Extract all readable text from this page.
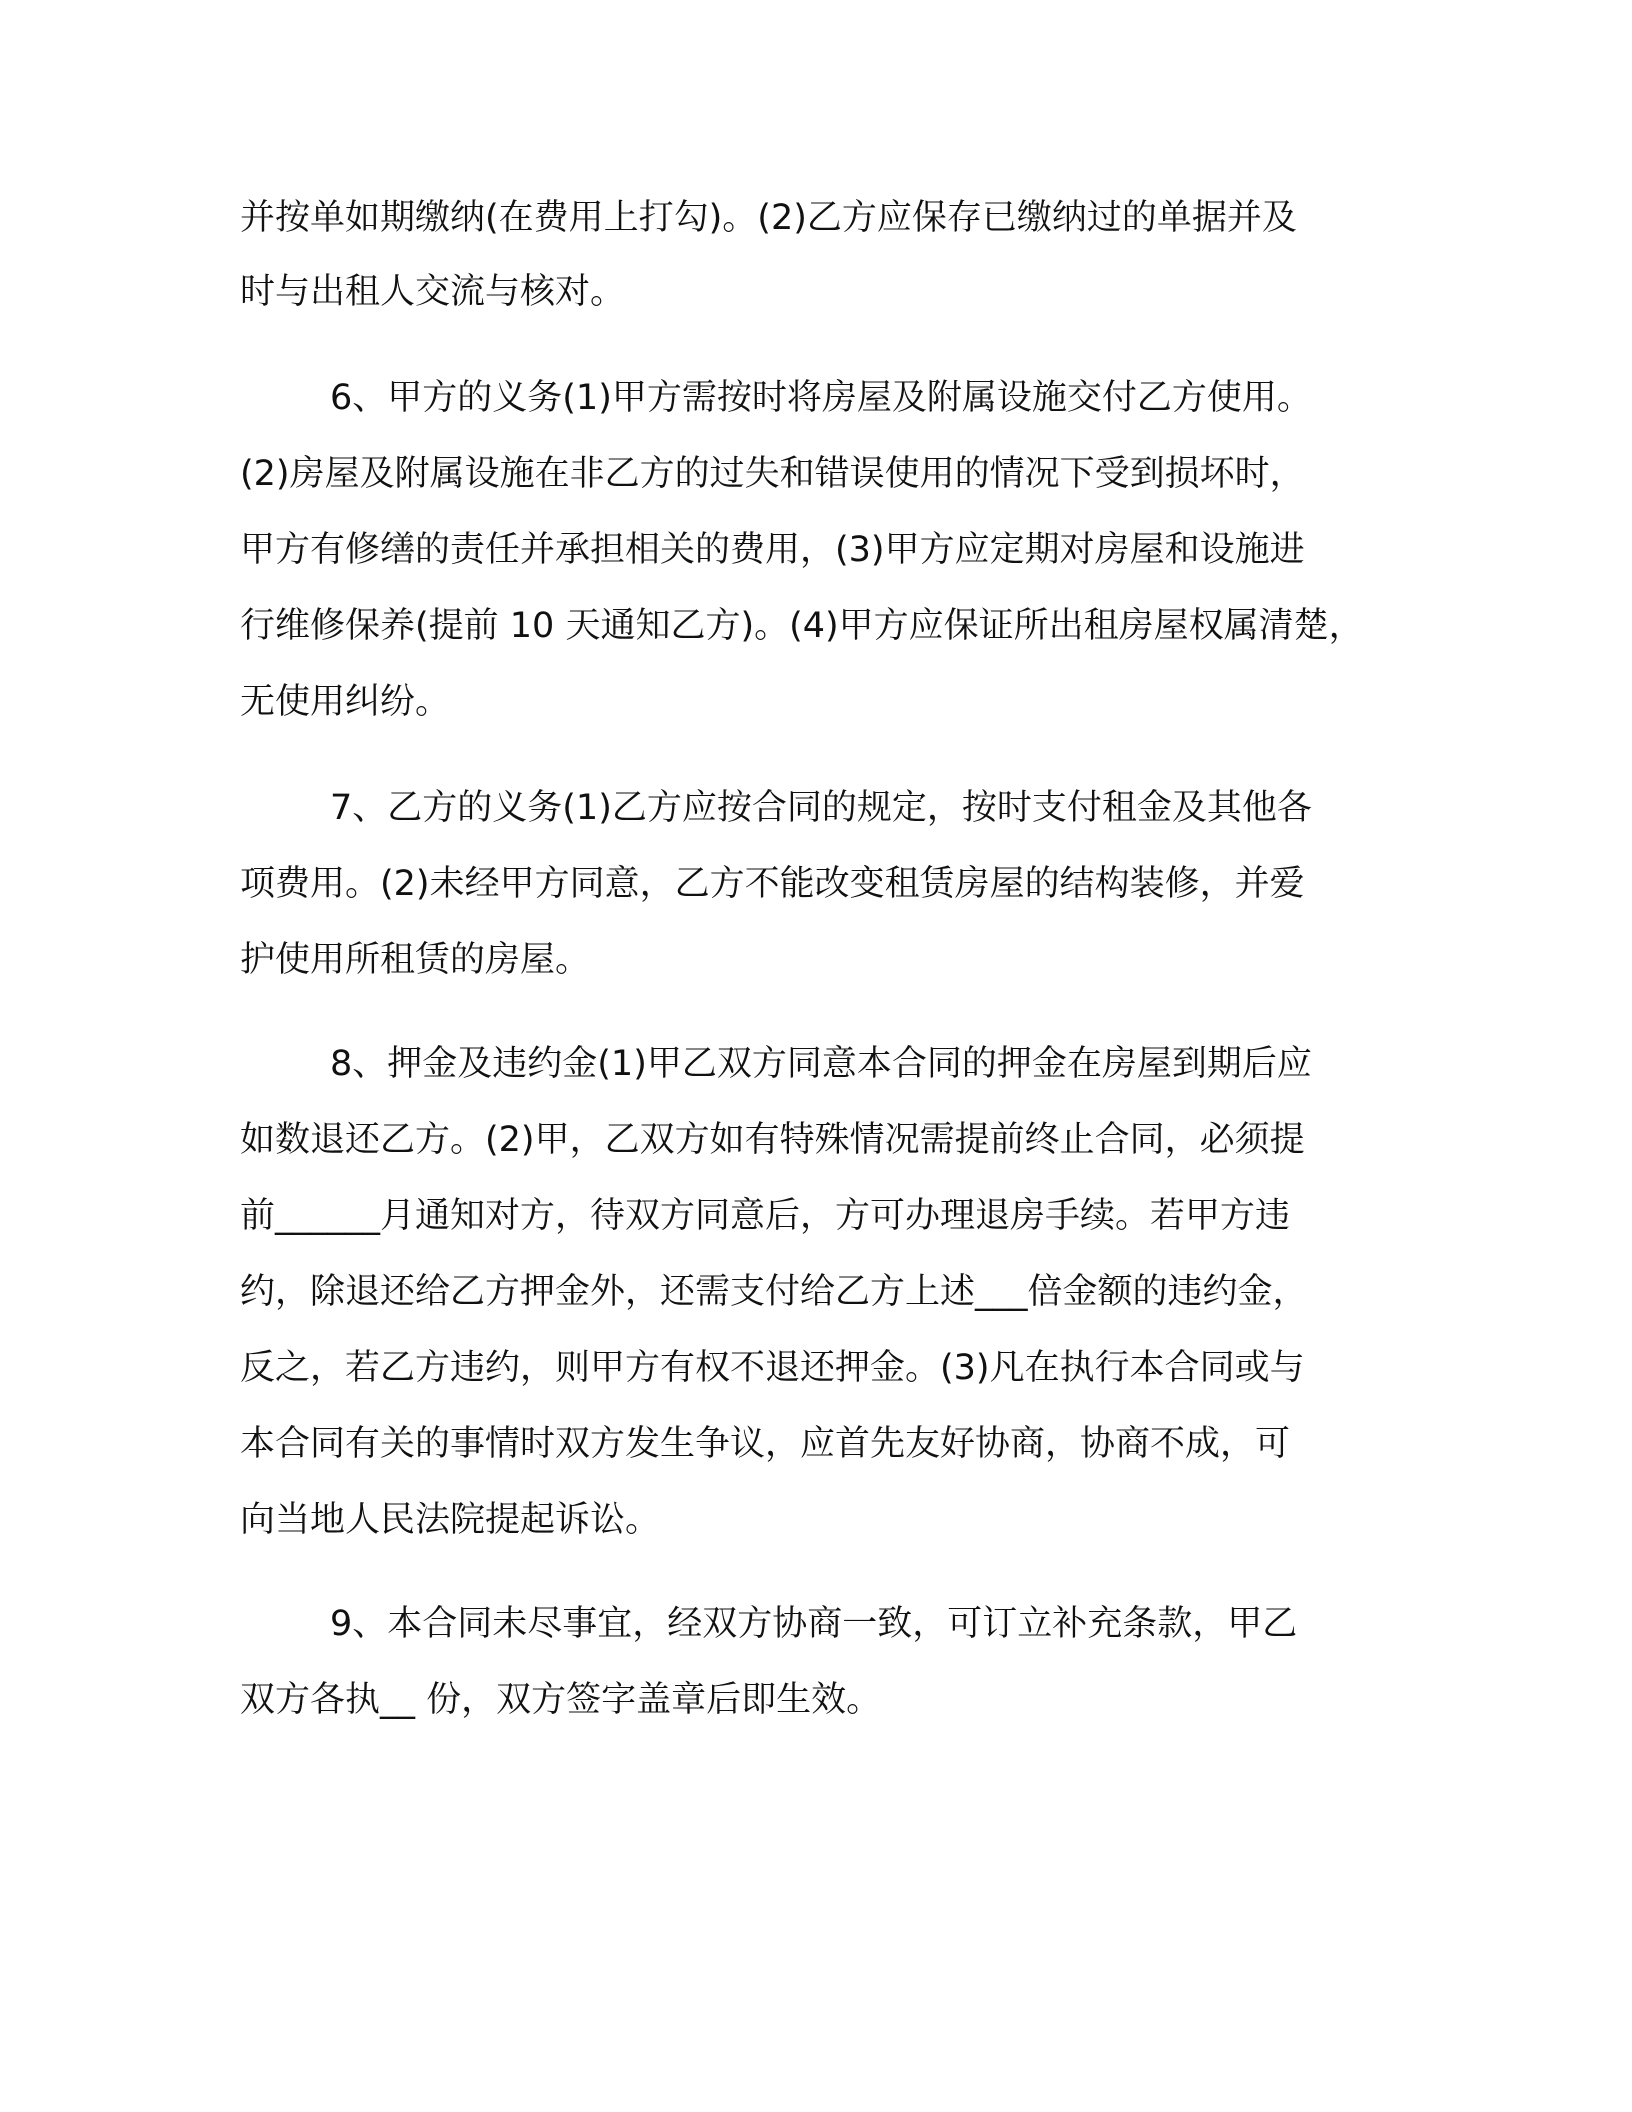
并按单如期缴纳(在费用上打勾)。(2)乙方应保存已缴纳过的单据并及
时与出租人交流与核对。
6、甲方的义务(1)甲方需按时将房屋及附属设施交付乙方使用。
(2)房屋及附属设施在非乙方的过失和错误使用的情况下受到损坏时，
甲方有修缮的责任并承担相关的费用，(3)甲方应定期对房屋和设施进
行维修保养(提前 10 天通知乙方)。(4)甲方应保证所出租房屋权属清楚，
无使用纠纷。
7、乙方的义务(1)乙方应按合同的规定，按时支付租金及其他各
项费用。(2)未经甲方同意，乙方不能改变租赁房屋的结构装修，并爱
护使用所租赁的房屋。
8、押金及违约金(1)甲乙双方同意本合同的押金在房屋到期后应
如数退还乙方。(2)甲，乙双方如有特殊情况需提前终止合同，必须提
前______月通知对方，待双方同意后，方可办理退房手续。若甲方违
约，除退还给乙方押金外，还需支付给乙方上述___倍金额的违约金，
反之，若乙方违约，则甲方有权不退还押金。(3)凡在执行本合同或与
本合同有关的事情时双方发生争议，应首先友好协商，协商不成，可
向当地人民法院提起诉讼。
9、本合同未尽事宜，经双方协商一致，可订立补充条款，甲乙
双方各执__ 份，双方签字盖章后即生效。
